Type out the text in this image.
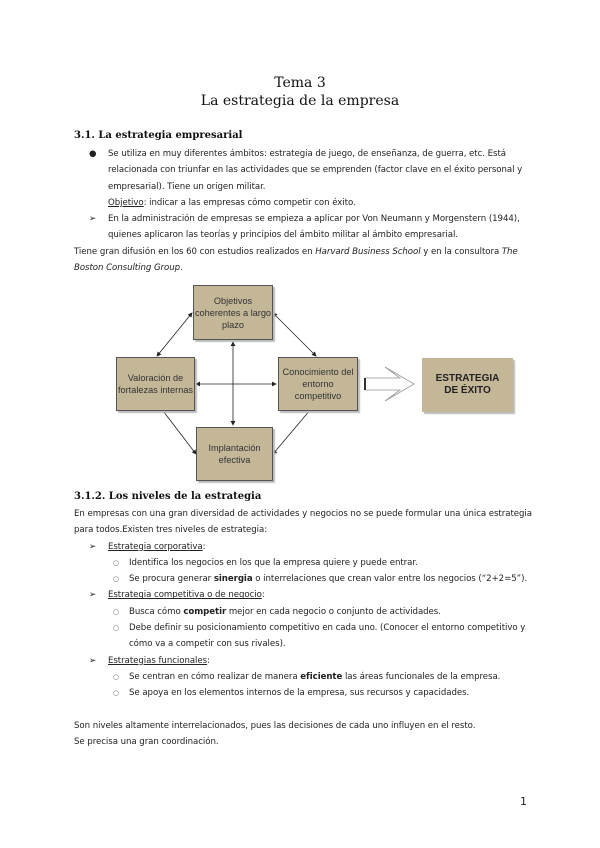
Tema 3
La estrategia de la empresa
3.1. La estrategia empresarial
● Se utiliza en muy diferentes ámbitos: estrategia de juego, de enseñanza, de guerra, etc. Está relacionada con triunfar en las actividades que se emprenden (factor clave en el éxito personal y empresarial). Tiene un origen militar.
Objetivo: indicar a las empresas cómo competir con éxito.
➢ En la administración de empresas se empieza a aplicar por Von Neumann y Morgenstern (1944), quienes aplicaron las teorías y principios del ámbito militar al ámbito empresarial.
Tiene gran difusión en los 60 con estudios realizados en Harvard Business School y en la consultora The Boston Consulting Group.
Objetivos coherentes a largo plazo
Valoración de fortalezas internas
Conocimiento del entorno competitivo
Implantación efectiva
ESTRATEGIA DE ÉXITO
3.1.2. Los niveles de la estrategia
En empresas con una gran diversidad de actividades y negocios no se puede formular una única estrategia para todos.Existen tres niveles de estrategia:
➢ Estrategia corporativa:
○ Identifica los negocios en los que la empresa quiere y puede entrar.
○ Se procura generar sinergia o interrelaciones que crean valor entre los negocios (“2+2=5”).
➢ Estrategia competitiva o de negocio:
○ Busca cómo competir mejor en cada negocio o conjunto de actividades.
○ Debe definir su posicionamiento competitivo en cada uno. (Conocer el entorno competitivo y cómo va a competir con sus rivales).
➢ Estrategias funcionales:
○ Se centran en cómo realizar de manera eficiente las áreas funcionales de la empresa.
○ Se apoya en los elementos internos de la empresa, sus recursos y capacidades.
Son niveles altamente interrelacionados, pues las decisiones de cada uno influyen en el resto.
Se precisa una gran coordinación.
1
